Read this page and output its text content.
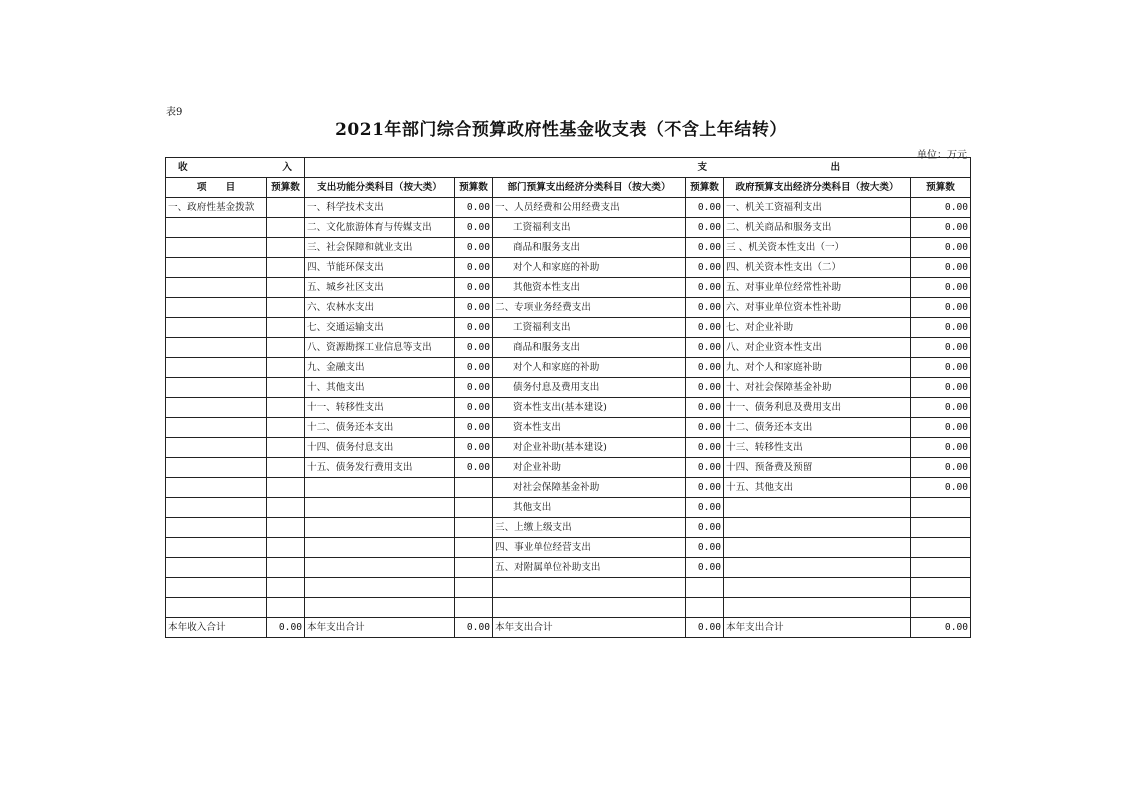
表9
2021年部门综合预算政府性基金收支表（不含上年结转）
单位：万元
收 入		支 出					
项　　目	预算数	支出功能分类科目（按大类）	预算数	部门预算支出经济分类科目（按大类）	预算数	政府预算支出经济分类科目（按大类）	预算数
一、政府性基金拨款		一、科学技术支出	0.00	一、人员经费和公用经费支出	0.00	一、机关工资福利支出	0.00
		二、文化旅游体育与传媒支出	0.00	工资福利支出	0.00	二、机关商品和服务支出	0.00
		三、社会保障和就业支出	0.00	商品和服务支出	0.00	三 、机关资本性支出（一）	0.00
		四、节能环保支出	0.00	对个人和家庭的补助	0.00	四、机关资本性支出（二）	0.00
		五、城乡社区支出	0.00	其他资本性支出	0.00	五、对事业单位经常性补助	0.00
		六、农林水支出	0.00	二、专项业务经费支出	0.00	六、对事业单位资本性补助	0.00
		七、交通运输支出	0.00	工资福利支出	0.00	七、对企业补助	0.00
		八、资源勘探工业信息等支出	0.00	商品和服务支出	0.00	八、对企业资本性支出	0.00
		九、金融支出	0.00	对个人和家庭的补助	0.00	九、对个人和家庭补助	0.00
		十、其他支出	0.00	债务付息及费用支出	0.00	十、对社会保障基金补助	0.00
		十一、转移性支出	0.00	资本性支出(基本建设)	0.00	十一、债务利息及费用支出	0.00
		十二、债务还本支出	0.00	资本性支出	0.00	十二、债务还本支出	0.00
		十四、债务付息支出	0.00	对企业补助(基本建设)	0.00	十三、转移性支出	0.00
		十五、债务发行费用支出	0.00	对企业补助	0.00	十四、预备费及预留	0.00
				对社会保障基金补助	0.00	十五、其他支出	0.00
				其他支出	0.00		
				三、上缴上级支出	0.00		
				四、事业单位经营支出	0.00		
				五、对附属单位补助支出	0.00		

本年收入合计	0.00	本年支出合计	0.00	本年支出合计	0.00	本年支出合计	0.00
